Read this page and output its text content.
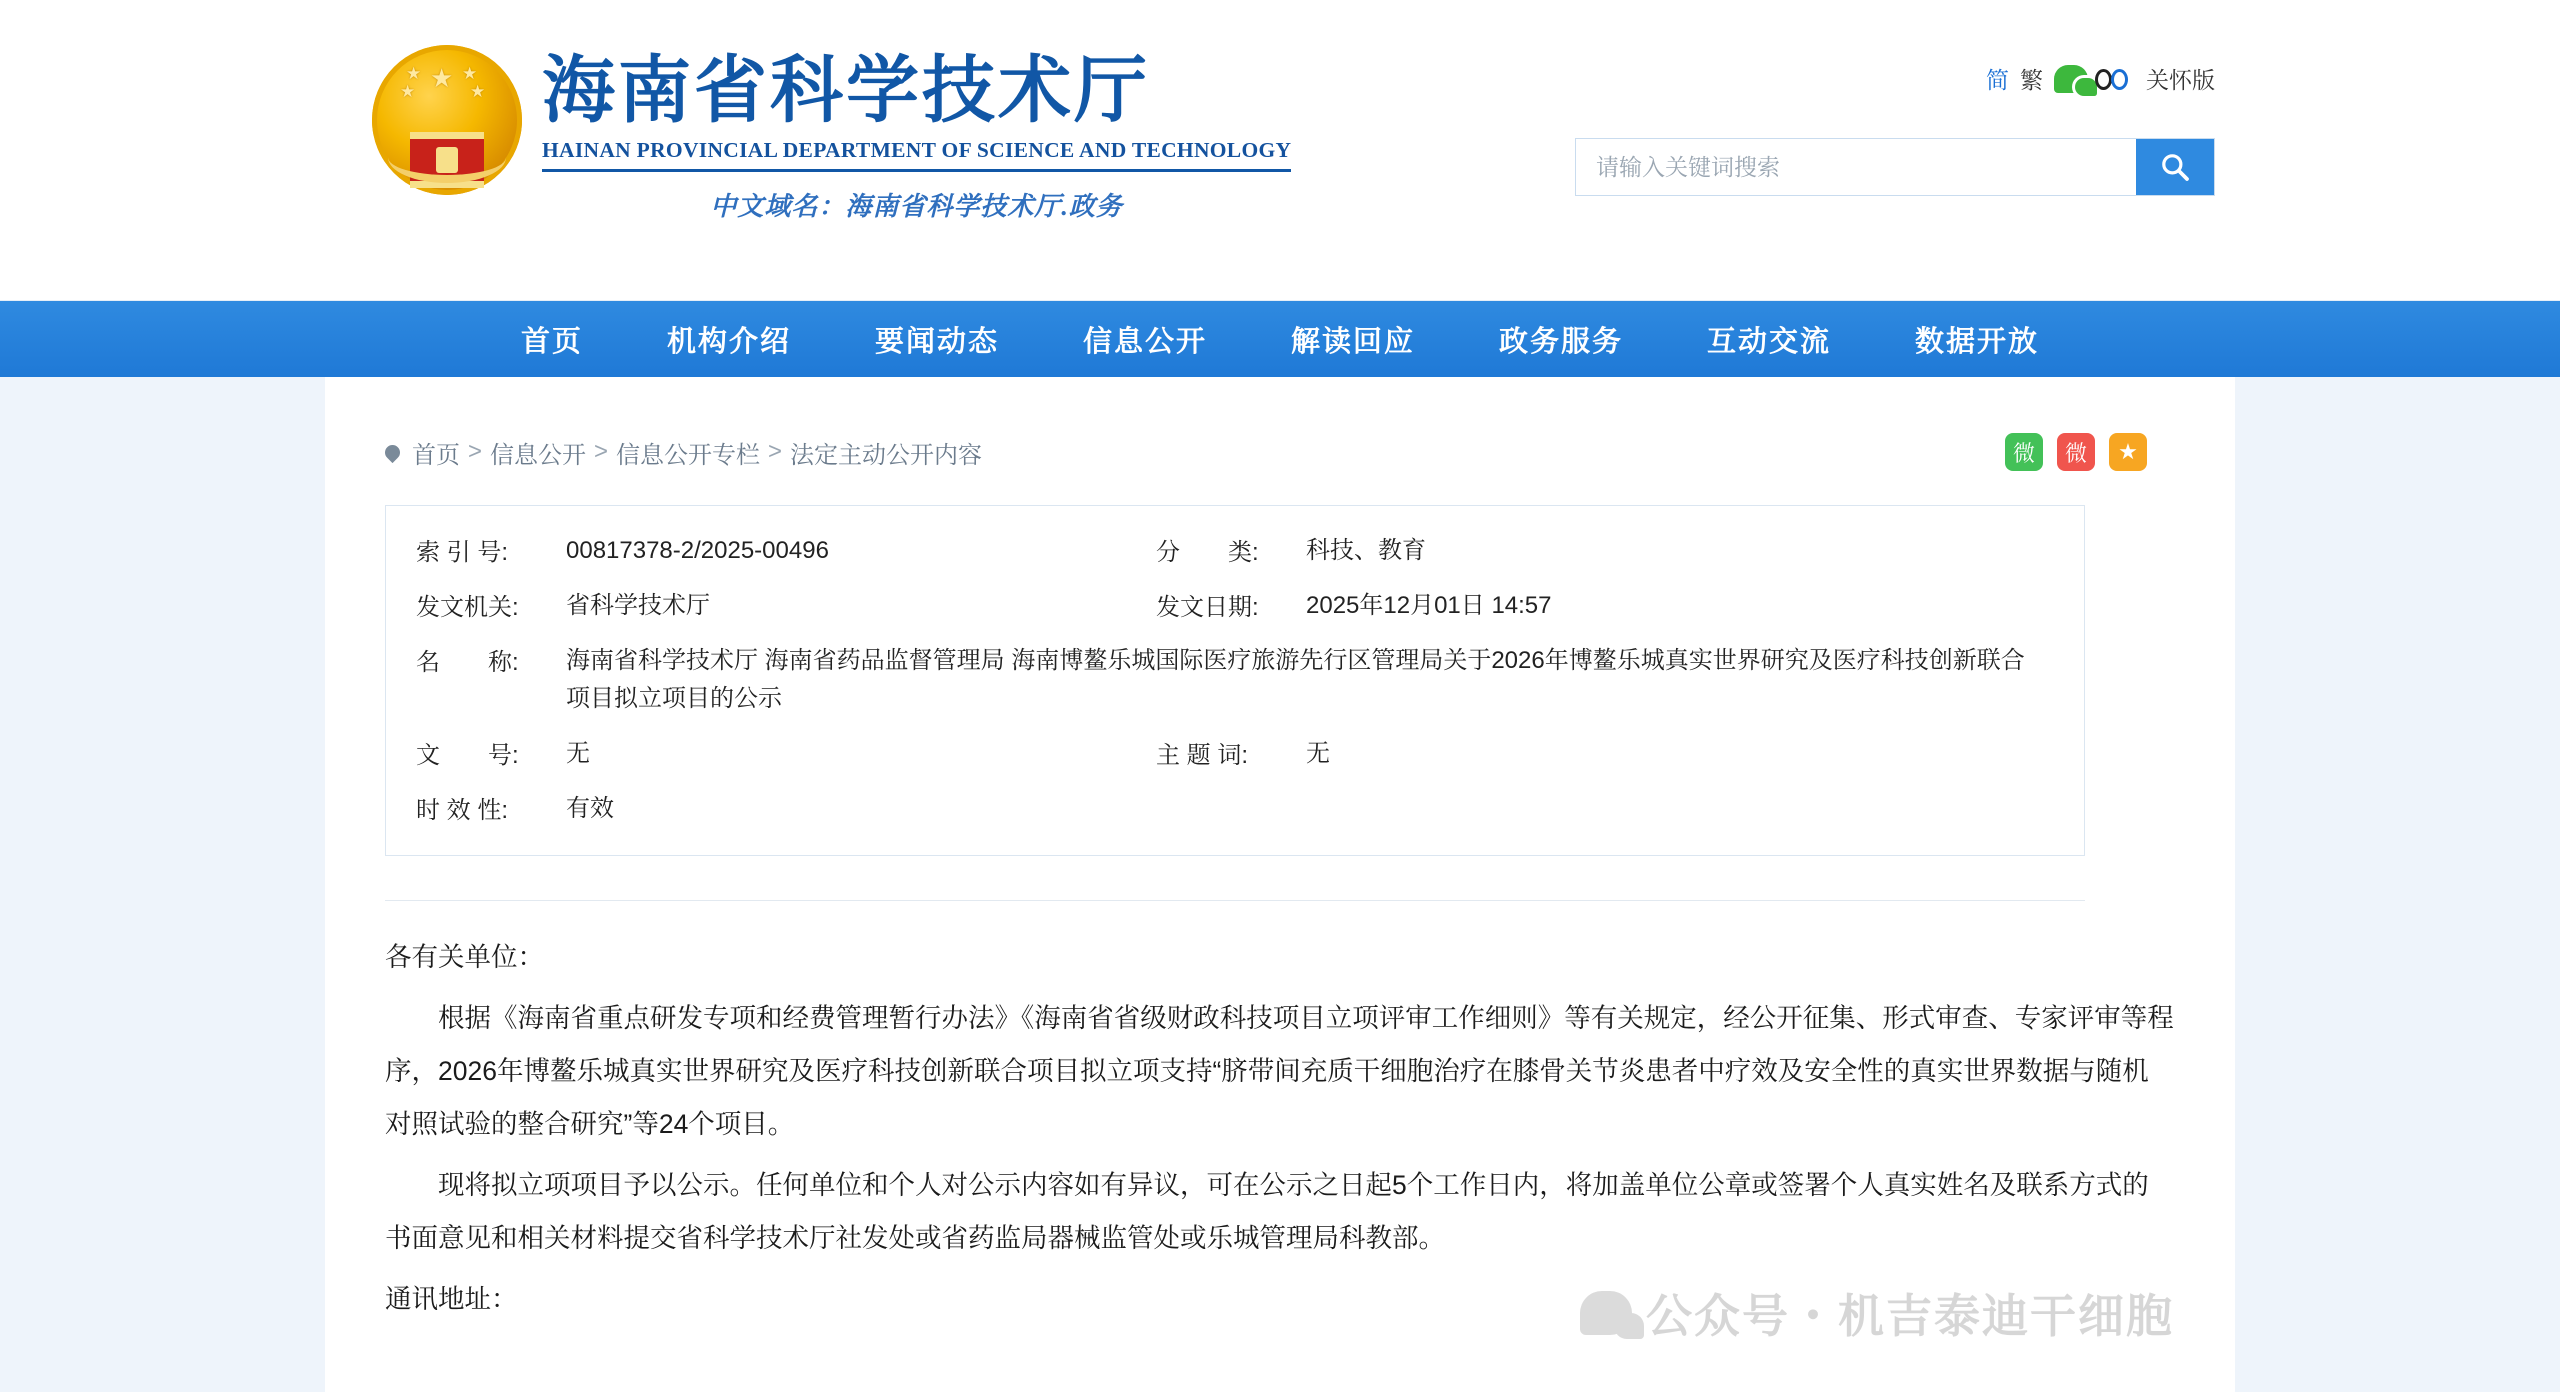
★
★
★
★
★ 海南省科学技术厅
HAINAN PROVINCIAL DEPARTMENT OF SCIENCE AND TECHNOLOGY
中文域名：海南省科学技术厅.政务
简 繁	关怀版
请输入关键词搜索
首页	机构介绍	要闻动态	信息公开	解读回应	政务服务	互动交流	数据开放
首页 > 信息公开 > 信息公开专栏 > 法定主动公开内容	微	微	★
索 引 号:	00817378-2/2025-00496	分　　类:	科技、教育
发文机关:	省科学技术厅	发文日期:	2025年12月01日 14:57
名　　称:	海南省科学技术厅 海南省药品监督管理局 海南博鳌乐城国际医疗旅游先行区管理局关于2026年博鳌乐城真实世界研究及医疗科技创新联合项目拟立项目的公示
文　　号:	无	主 题 词:	无
时 效 性:	有效

各有关单位：

根据《海南省重点研发专项和经费管理暂行办法》《海南省省级财政科技项目立项评审工作细则》等有关规定，经公开征集、形式审查、专家评审等程序，2026年博鳌乐城真实世界研究及医疗科技创新联合项目拟立项支持“脐带间充质干细胞治疗在膝骨关节炎患者中疗效及安全性的真实世界数据与随机对照试验的整合研究”等24个项目。

现将拟立项项目予以公示。任何单位和个人对公示内容如有异议，可在公示之日起5个工作日内，将加盖单位公章或签署个人真实姓名及联系方式的书面意见和相关材料提交省科学技术厅社发处或省药监局器械监管处或乐城管理局科教部。

通讯地址：	公众号・机吉泰迪干细胞
